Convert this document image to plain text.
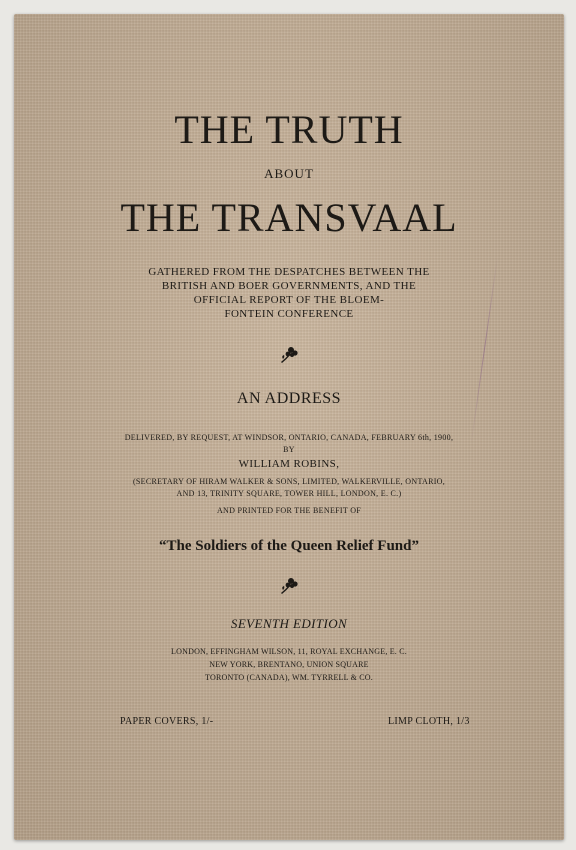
THE TRUTH
ABOUT
THE TRANSVAAL
GATHERED FROM THE DESPATCHES BETWEEN THE
BRITISH AND BOER GOVERNMENTS, AND THE
OFFICIAL REPORT OF THE BLOEM-
FONTEIN CONFERENCE
AN ADDRESS
DELIVERED, BY REQUEST, AT WINDSOR, ONTARIO, CANADA, FEBRUARY 6th, 1900,
BY
WILLIAM ROBINS,
(SECRETARY OF HIRAM WALKER & SONS, LIMITED, WALKERVILLE, ONTARIO,
AND 13, TRINITY SQUARE, TOWER HILL, LONDON, E. C.)
AND PRINTED FOR THE BENEFIT OF
“The Soldiers of the Queen Relief Fund”
SEVENTH EDITION
LONDON, EFFINGHAM WILSON, 11, ROYAL EXCHANGE, E. C.
NEW YORK, BRENTANO, UNION SQUARE
TORONTO (CANADA), WM. TYRRELL & CO.
PAPER COVERS, 1/-	LIMP CLOTH, 1/3
